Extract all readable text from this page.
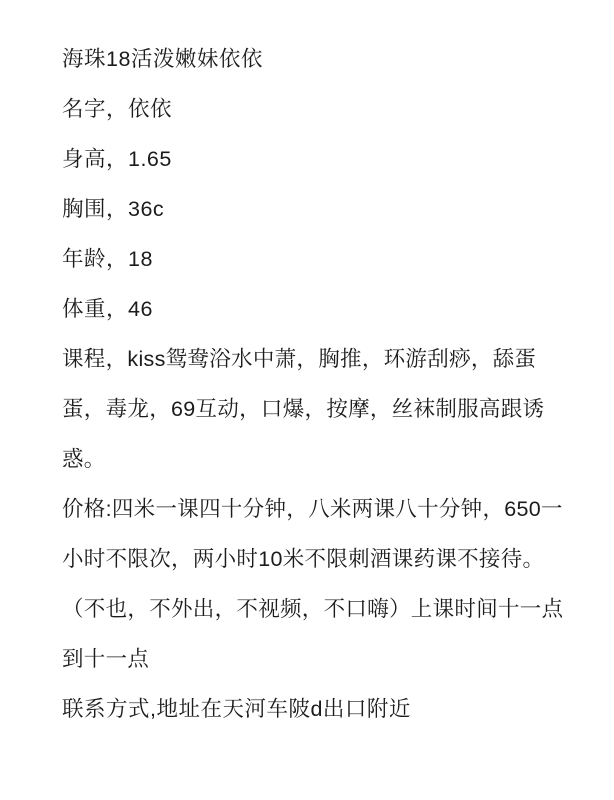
海珠18活泼嫩妹依依
名字，依依
身高，1.65
胸围，36c
年龄，18
体重，46
课程，kiss鸳鸯浴水中萧，胸推，环游刮痧，舔蛋蛋，毒龙，69互动，口爆，按摩，丝袜制服高跟诱惑。
价格:四米一课四十分钟，八米两课八十分钟，650一小时不限次，两小时10米不限刺酒课药课不接待。（不也，不外出，不视频，不口嗨）上课时间十一点到十一点
联系方式,地址在天河车陂d出口附近
